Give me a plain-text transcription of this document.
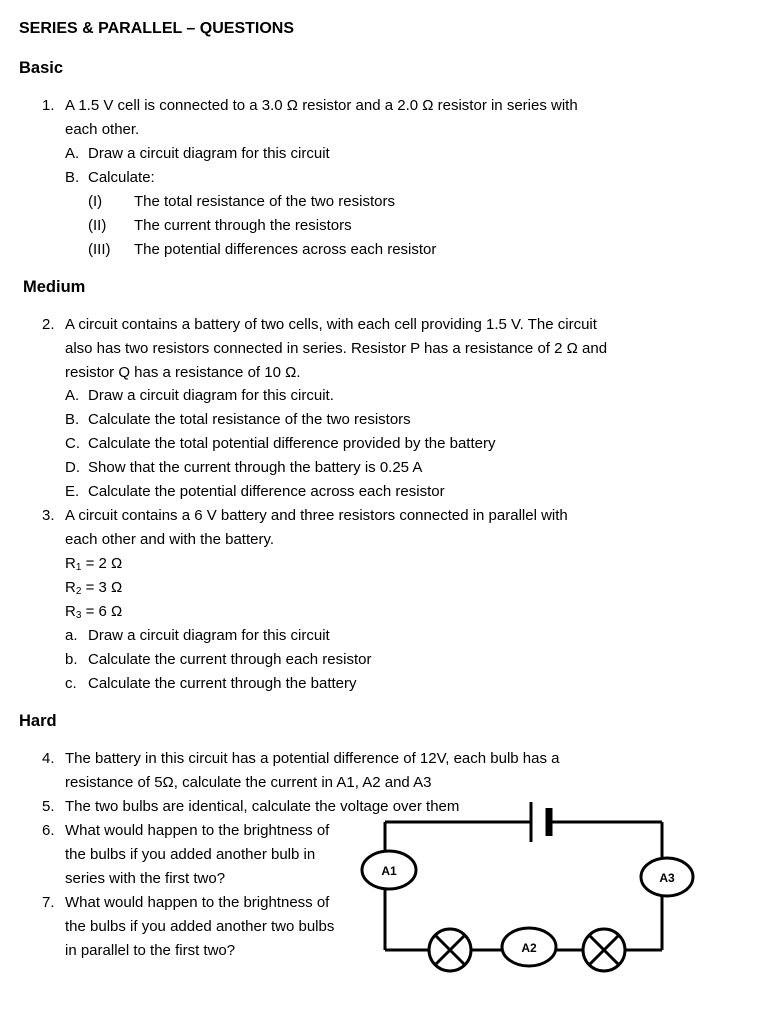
SERIES & PARALLEL – QUESTIONS
Basic
1. A 1.5 V cell is connected to a 3.0 Ω resistor and a 2.0 Ω resistor in series with
each other.
A. Draw a circuit diagram for this circuit
B. Calculate:
(I) The total resistance of the two resistors
(II) The current through the resistors
(III) The potential differences across each resistor
Medium
2. A circuit contains a battery of two cells, with each cell providing 1.5 V. The circuit
also has two resistors connected in series. Resistor P has a resistance of 2 Ω and
resistor Q has a resistance of 10 Ω.
A. Draw a circuit diagram for this circuit.
B. Calculate the total resistance of the two resistors
C. Calculate the total potential difference provided by the battery
D. Show that the current through the battery is 0.25 A
E. Calculate the potential difference across each resistor
3. A circuit contains a 6 V battery and three resistors connected in parallel with
each other and with the battery.
$R_1 = 2$ Ω
$R_2 = 3$ Ω
$R_3 = 6$ Ω
a. Draw a circuit diagram for this circuit
b. Calculate the current through each resistor
c. Calculate the current through the battery
Hard
4. The battery in this circuit has a potential difference of 12V, each bulb has a
resistance of 5Ω, calculate the current in A1, A2 and A3
5. The two bulbs are identical, calculate the voltage over them
6. What would happen to the brightness of
the bulbs if you added another bulb in
series with the first two?
7. What would happen to the brightness of
the bulbs if you added another two bulbs
in parallel to the first two?
A1	A3
A2
